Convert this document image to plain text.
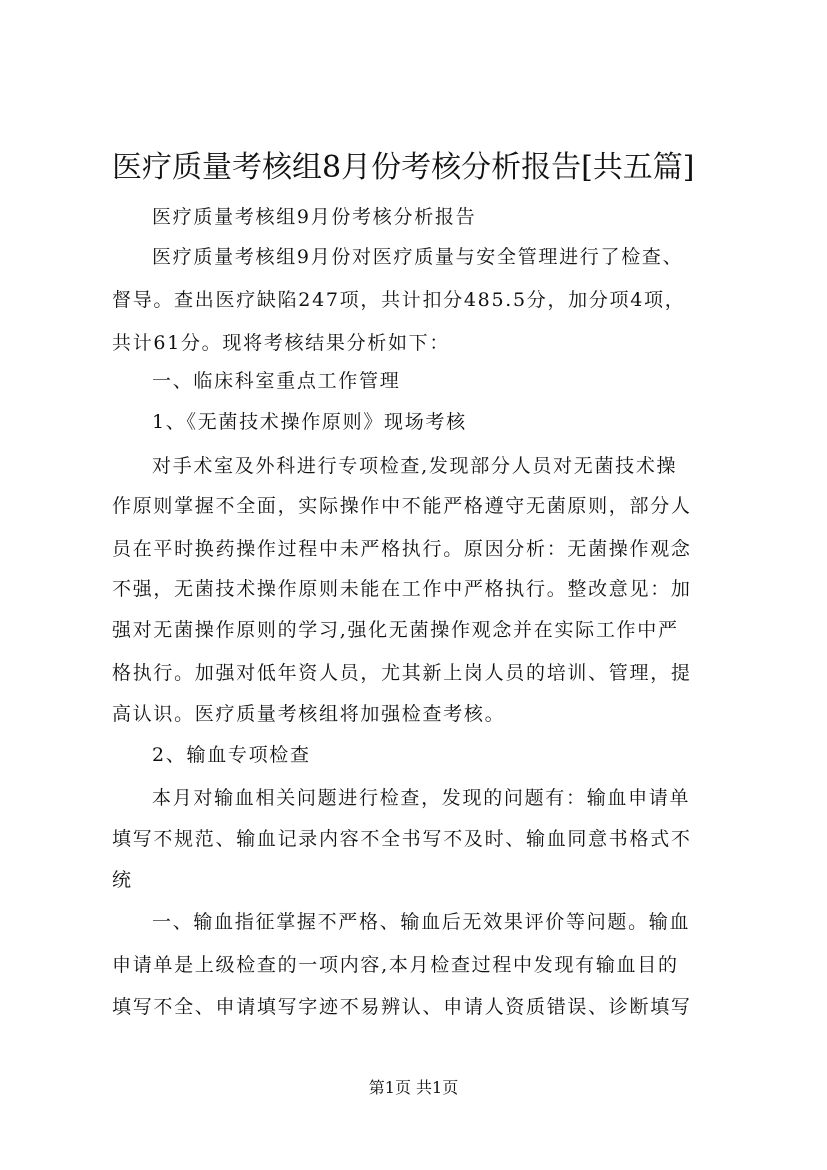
医疗质量考核组8月份考核分析报告[共五篇]
医疗质量考核组9月份考核分析报告
医疗质量考核组9月份对医疗质量与安全管理进行了检查、
督导。查出医疗缺陷247项，共计扣分485.5分，加分项4项，
共计61分。现将考核结果分析如下：
一、临床科室重点工作管理
1、《无菌技术操作原则》现场考核
对手术室及外科进行专项检查,发现部分人员对无菌技术操
作原则掌握不全面，实际操作中不能严格遵守无菌原则，部分人
员在平时换药操作过程中未严格执行。原因分析：无菌操作观念
不强，无菌技术操作原则未能在工作中严格执行。整改意见：加
强对无菌操作原则的学习,强化无菌操作观念并在实际工作中严
格执行。加强对低年资人员，尤其新上岗人员的培训、管理，提
高认识。医疗质量考核组将加强检查考核。
2、输血专项检查
本月对输血相关问题进行检查，发现的问题有：输血申请单
填写不规范、输血记录内容不全书写不及时、输血同意书格式不
统
一、输血指征掌握不严格、输血后无效果评价等问题。输血
申请单是上级检查的一项内容,本月检查过程中发现有输血目的
填写不全、申请填写字迹不易辨认、申请人资质错误、诊断填写
第1页 共1页
